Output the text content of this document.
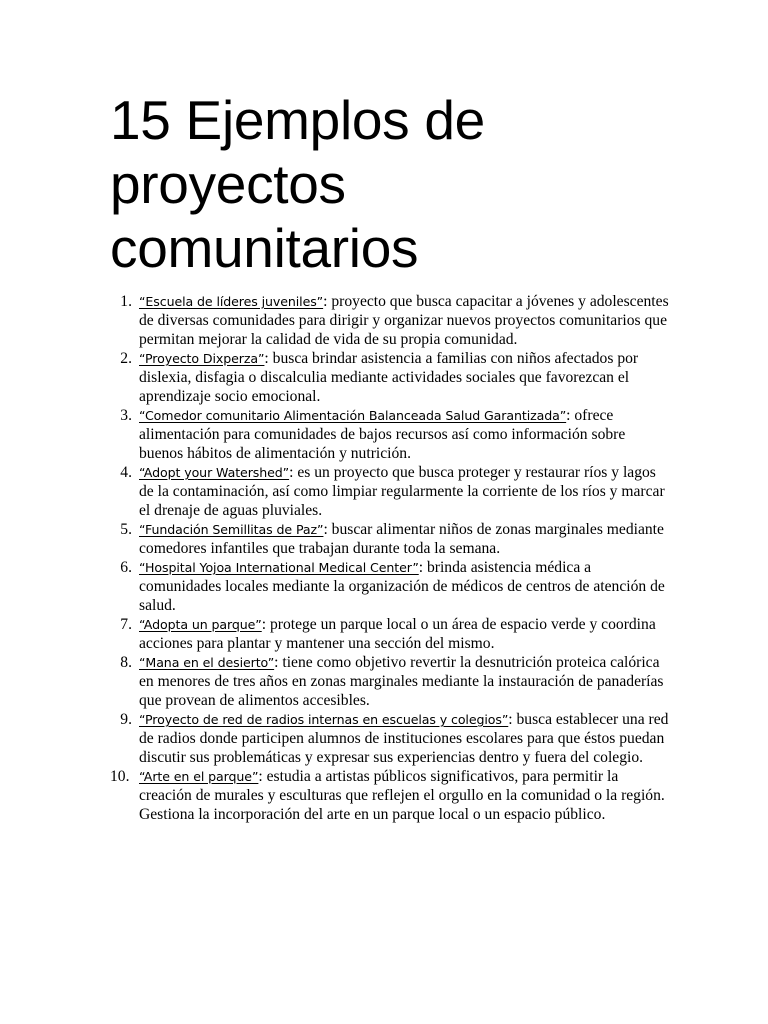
15 Ejemplos de
proyectos
comunitarios
1. “Escuela de líderes juveniles”: proyecto que busca capacitar a jóvenes y adolescentes de diversas comunidades para dirigir y organizar nuevos proyectos comunitarios que permitan mejorar la calidad de vida de su propia comunidad.
2. “Proyecto Dixperza”: busca brindar asistencia a familias con niños afectados por dislexia, disfagia o discalculia mediante actividades sociales que favorezcan el aprendizaje socio emocional.
3. “Comedor comunitario Alimentación Balanceada Salud Garantizada”: ofrece alimentación para comunidades de bajos recursos así como información sobre buenos hábitos de alimentación y nutrición.
4. “Adopt your Watershed”: es un proyecto que busca proteger y restaurar ríos y lagos de la contaminación, así como limpiar regularmente la corriente de los ríos y marcar el drenaje de aguas pluviales.
5. “Fundación Semillitas de Paz”: buscar alimentar niños de zonas marginales mediante comedores infantiles que trabajan durante toda la semana.
6. “Hospital Yojoa International Medical Center”: brinda asistencia médica a comunidades locales mediante la organización de médicos de centros de atención de salud.
7. “Adopta un parque”: protege un parque local o un área de espacio verde y coordina acciones para plantar y mantener una sección del mismo.
8. “Mana en el desierto”: tiene como objetivo revertir la desnutrición proteica calórica en menores de tres años en zonas marginales mediante la instauración de panaderías que provean de alimentos accesibles.
9. “Proyecto de red de radios internas en escuelas y colegios”: busca establecer una red de radios donde participen alumnos de instituciones escolares para que éstos puedan discutir sus problemáticas y expresar sus experiencias dentro y fuera del colegio.
10. “Arte en el parque”: estudia a artistas públicos significativos, para permitir la creación de murales y esculturas que reflejen el orgullo en la comunidad o la región. Gestiona la incorporación del arte en un parque local o un espacio público.
